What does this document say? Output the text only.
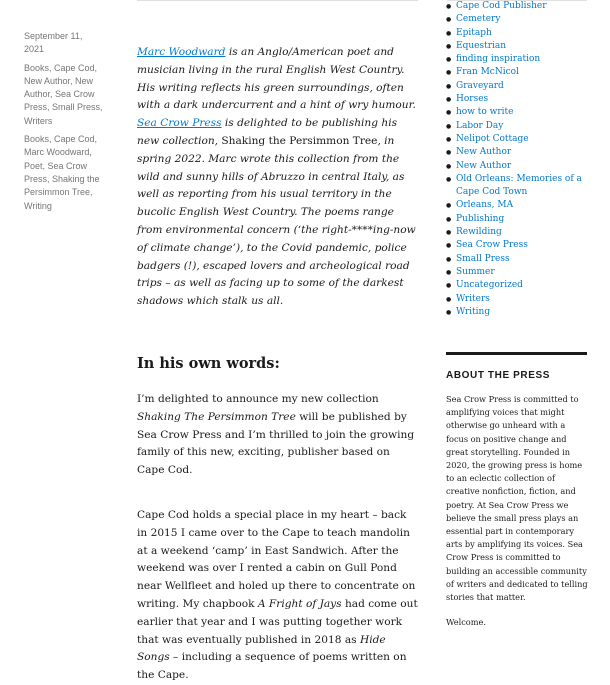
September 11, 2021
Books, Cape Cod, New Author, New Author, Sea Crow Press, Small Press, Writers
Books, Cape Cod, Marc Woodward, Poet, Sea Crow Press, Shaking the Persimmon Tree, Writing

Marc Woodward is an Anglo/American poet and musician living in the rural English West Country. His writing reflects his green surroundings, often with a dark undercurrent and a hint of wry humour. Sea Crow Press is delighted to be publishing his new collection, Shaking the Persimmon Tree, in spring 2022. Marc wrote this collection from the wild and sunny hills of Abruzzo in central Italy, as well as reporting from his usual territory in the bucolic English West Country. The poems range from environmental concern (‘the right-****ing-now of climate change’), to the Covid pandemic, police badgers (!), escaped lovers and archeological road trips – as well as facing up to some of the darkest shadows which stalk us all.

In his own words:

I’m delighted to announce my new collection Shaking The Persimmon Tree will be published by Sea Crow Press and I’m thrilled to join the growing family of this new, exciting, publisher based on Cape Cod.

Cape Cod holds a special place in my heart – back in 2015 I came over to the Cape to teach mandolin at a weekend ‘camp’ in East Sandwich. After the weekend was over I rented a cabin on Gull Pond near Wellfleet and holed up there to concentrate on writing. My chapbook A Fright of Jays had come out earlier that year and I was putting together work that was eventually published in 2018 as Hide Songs – including a sequence of poems written on the Cape.

● Cape Cod Publisher
● Cemetery
● Epitaph
● Equestrian
● finding inspiration
● Fran McNicol
● Graveyard
● Horses
● how to write
● Labor Day
● Nelipot Cottage
● New Author
● New Author
● Old Orleans: Memories of a Cape Cod Town
● Orleans, MA
● Publishing
● Rewilding
● Sea Crow Press
● Small Press
● Summer
● Uncategorized
● Writers
● Writing
ABOUT THE PRESS

Sea Crow Press is committed to amplifying voices that might otherwise go unheard with a focus on positive change and great storytelling. Founded in 2020, the growing press is home to an eclectic collection of creative nonfiction, fiction, and poetry. At Sea Crow Press we believe the small press plays an essential part in contemporary arts by amplifying its voices. Sea Crow Press is committed to building an accessible community of writers and dedicated to telling stories that matter.

Welcome.
